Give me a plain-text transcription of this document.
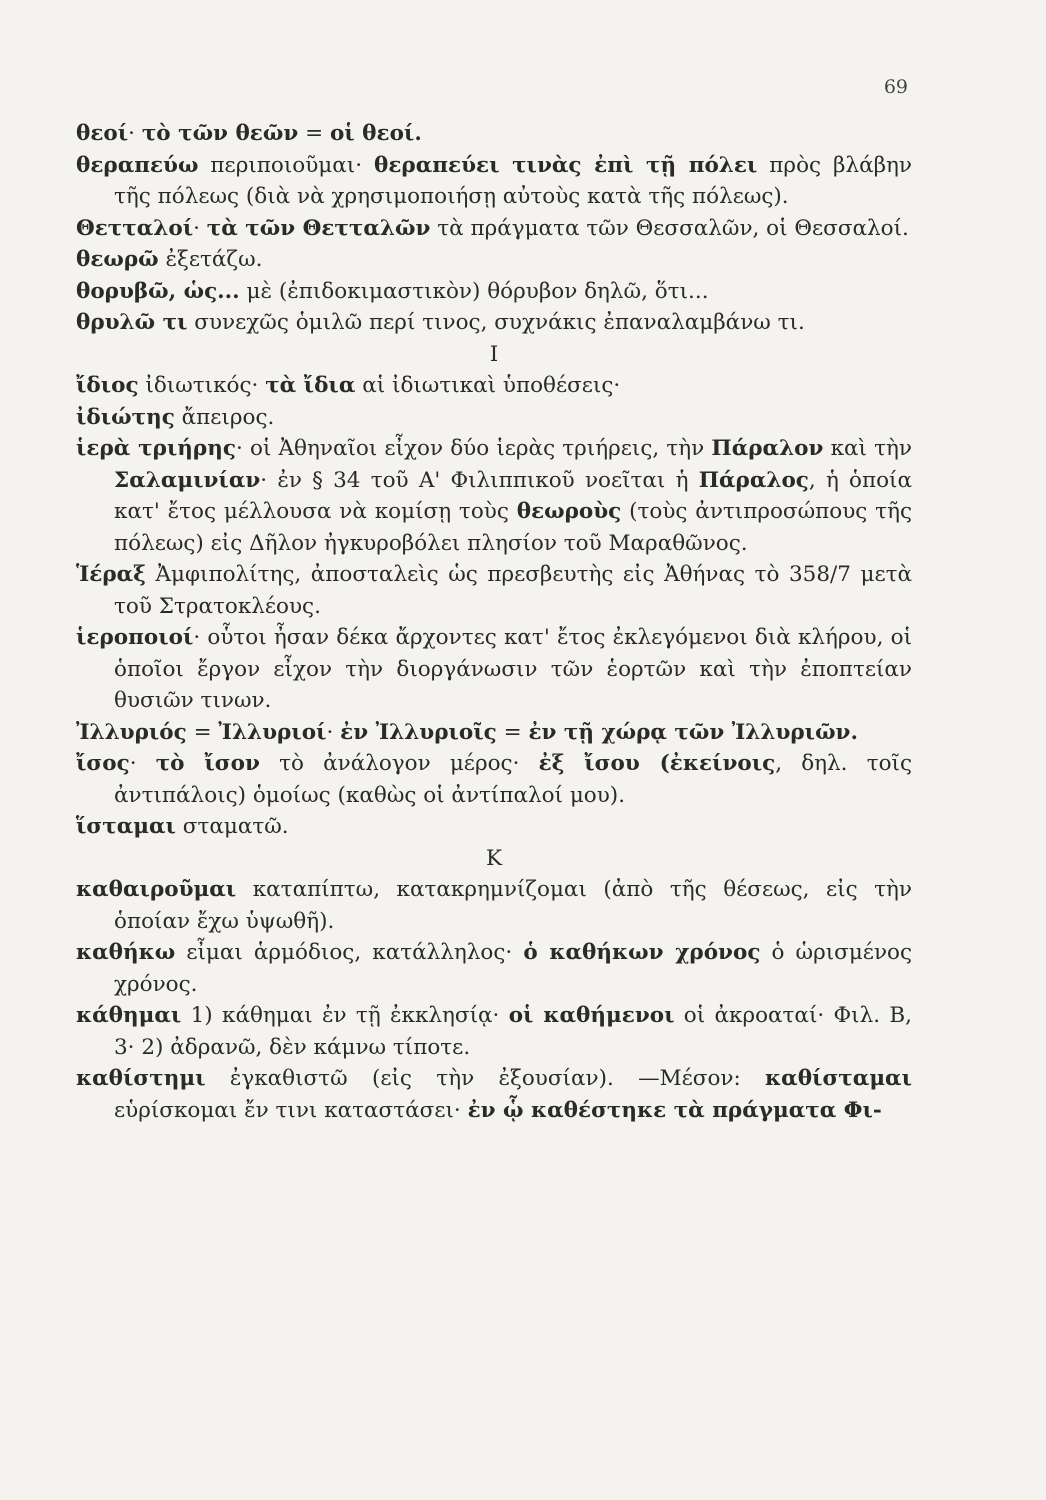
69
θεοί· τὸ τῶν θεῶν = οἱ θεοί.
θεραπεύω περιποιοῦμαι· θεραπεύει τινὰς ἐπὶ τῇ πόλει πρὸς βλάβην τῆς πόλεως (διὰ νὰ χρησιμοποιήσῃ αὐτοὺς κατὰ τῆς πόλεως).
Θετταλοί· τὰ τῶν Θετταλῶν τὰ πράγματα τῶν Θεσσαλῶν, οἱ Θεσσαλοί.
θεωρῶ ἐξετάζω.
θορυβῶ, ὡς... μὲ (ἐπιδοκιμαστικὸν) θόρυβον δηλῶ, ὅτι...
θρυλῶ τι συνεχῶς ὁμιλῶ περί τινος, συχνάκις ἐπαναλαμβάνω τι.
I
ἴδιος ἰδιωτικός· τὰ ἴδια αἱ ἰδιωτικαὶ ὑποθέσεις·
ἰδιώτης ἄπειρος.
ἱερὰ τριήρης· οἱ Ἀθηναῖοι εἶχον δύο ἱερὰς τριήρεις, τὴν Πάραλον καὶ τὴν Σαλαμινίαν· ἐν § 34 τοῦ Α' Φιλιππικοῦ νοεῖται ἡ Πάραλος, ἡ ὁποία κατ' ἔτος μέλλουσα νὰ κομίσῃ τοὺς θεωροὺς (τοὺς ἀντιπροσώπους τῆς πόλεως) εἰς Δῆλον ἠγκυροβόλει πλησίον τοῦ Μαραθῶνος.
Ἱέραξ Ἀμφιπολίτης, ἀποσταλεὶς ὡς πρεσβευτὴς εἰς Ἀθήνας τὸ 358/7 μετὰ τοῦ Στρατοκλέους.
ἱεροποιοί· οὗτοι ἦσαν δέκα ἄρχοντες κατ' ἔτος ἐκλεγόμενοι διὰ κλήρου, οἱ ὁποῖοι ἔργον εἶχον τὴν διοργάνωσιν τῶν ἑορτῶν καὶ τὴν ἐποπτείαν θυσιῶν τινων.
Ἰλλυριός = Ἰλλυριοί· ἐν Ἰλλυριοῖς = ἐν τῇ χώρᾳ τῶν Ἰλλυριῶν.
ἴσος· τὸ ἴσον τὸ ἀνάλογον μέρος· ἐξ ἴσου (ἐκείνοις, δηλ. τοῖς ἀντιπάλοις) ὁμοίως (καθὼς οἱ ἀντίπαλοί μου).
ἵσταμαι σταματῶ.
K
καθαιροῦμαι καταπίπτω, κατακρημνίζομαι (ἀπὸ τῆς θέσεως, εἰς τὴν ὁποίαν ἔχω ὑψωθῆ).
καθήκω εἶμαι ἁρμόδιος, κατάλληλος· ὁ καθήκων χρόνος ὁ ὡρισμένος χρόνος.
κάθημαι 1) κάθημαι ἐν τῇ ἐκκλησίᾳ· οἱ καθήμενοι οἱ ἀκροαταί· Φιλ. Β, 3· 2) ἀδρανῶ, δὲν κάμνω τίποτε.
καθίστημι ἐγκαθιστῶ (εἰς τὴν ἐξουσίαν). —Μέσον: καθίσταμαι εὑρίσκομαι ἔν τινι καταστάσει· ἐν ᾧ καθέστηκε τὰ πράγματα Φι-
